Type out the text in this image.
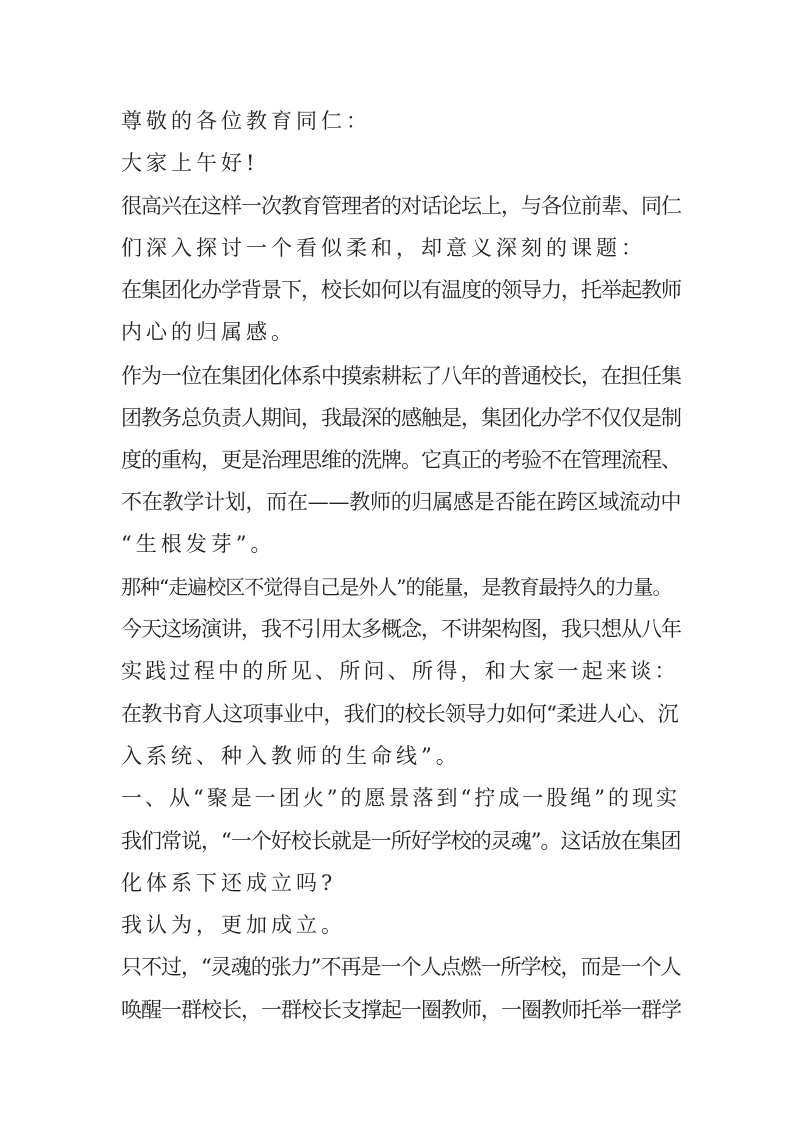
尊敬的各位教育同仁：
大家上午好!
很高兴在这样一次教育管理者的对话论坛上，与各位前辈、同仁
们深入探讨一个看似柔和，却意义深刻的课题：
在集团化办学背景下，校长如何以有温度的领导力，托举起教师
内心的归属感。
作为一位在集团化体系中摸索耕耘了八年的普通校长，在担任集
团教务总负责人期间，我最深的感触是，集团化办学不仅仅是制
度的重构，更是治理思维的洗牌。它真正的考验不在管理流程、
不在教学计划，而在——教师的归属感是否能在跨区域流动中
“生根发芽”。
那种“走遍校区不觉得自己是外人”的能量，是教育最持久的力量。
今天这场演讲，我不引用太多概念，不讲架构图，我只想从八年
实践过程中的所见、所问、所得，和大家一起来谈：
在教书育人这项事业中，我们的校长领导力如何“柔进人心、沉
入系统、种入教师的生命线”。
一、从“聚是一团火”的愿景落到“拧成一股绳”的现实
我们常说，“一个好校长就是一所好学校的灵魂”。这话放在集团
化体系下还成立吗?
我认为，更加成立。
只不过，“灵魂的张力”不再是一个人点燃一所学校，而是一个人
唤醒一群校长，一群校长支撑起一圈教师，一圈教师托举一群学
